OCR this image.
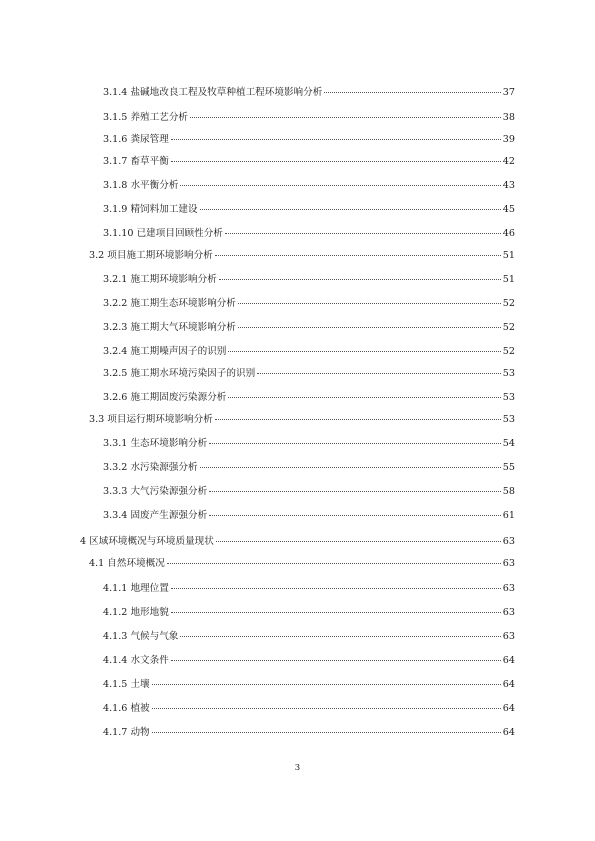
3.1.4 盐碱地改良工程及牧草种植工程环境影响分析	37
3.1.5 养殖工艺分析	38
3.1.6 粪尿管理	39
3.1.7 畜草平衡	42
3.1.8 水平衡分析	43
3.1.9 精饲料加工建设	45
3.1.10 已建项目回顾性分析	46
3.2 项目施工期环境影响分析	51
3.2.1 施工期环境影响分析	51
3.2.2 施工期生态环境影响分析	52
3.2.3 施工期大气环境影响分析	52
3.2.4 施工期噪声因子的识别	52
3.2.5 施工期水环境污染因子的识别	53
3.2.6 施工期固废污染源分析	53
3.3 项目运行期环境影响分析	53
3.3.1 生态环境影响分析	54
3.3.2 水污染源强分析	55
3.3.3 大气污染源强分析	58
3.3.4 固废产生源强分析	61
4 区域环境概况与环境质量现状	63
4.1 自然环境概况	63
4.1.1 地理位置	63
4.1.2 地形地貌	63
4.1.3 气候与气象	63
4.1.4 水文条件	64
4.1.5 土壤	64
4.1.6 植被	64
4.1.7 动物	64
3
